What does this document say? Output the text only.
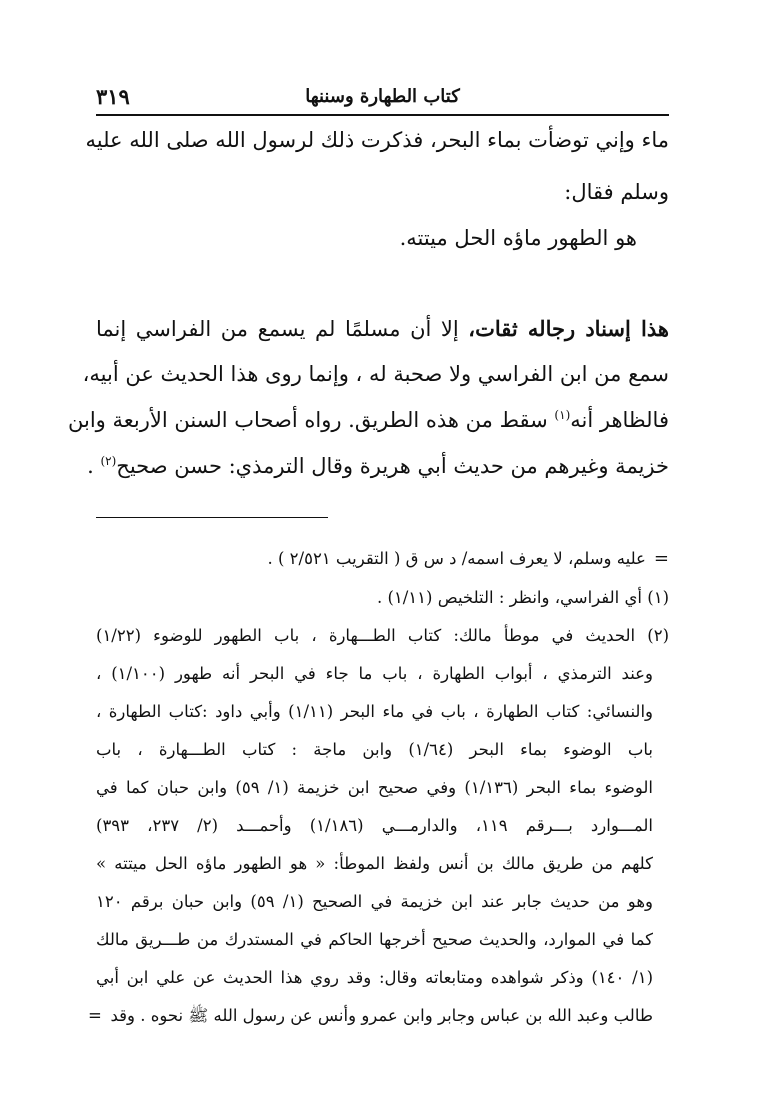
٣١٩	كتاب الطهارة وسننها
ماء وإني توضأت بماء البحر، فذكرت ذلك لرسول الله صلى الله عليه
وسلم فقال:
هو الطهور ماؤه الحل ميتته.
هذا إسناد رجاله ثقات، إلا أن مسلمًا لم يسمع من الفراسي إنما
سمع من ابن الفراسي ولا صحبة له ، وإنما روى هذا الحديث عن أبيه،
فالظاهر أنه$^{(١)}$ سقط من هذه الطريق. رواه أصحاب السنن الأربعة وابن
خزيمة وغيرهم من حديث أبي هريرة وقال الترمذي: حسن صحيح$^{(٢)}$ .
=عليه وسلم، لا يعرف اسمه/ د س ق ( التقريب ٢/٥٢١ ) .
(١) أي الفراسي، وانظر : التلخيص (١/١١) .
(٢) الحديث في موطأ مالك: كتاب الطـــهارة ، باب الطهور للوضوء (١/٢٢)
وعند الترمذي ، أبواب الطهارة ، باب ما جاء في البحر أنه طهور (١/١٠٠) ،
والنسائي: كتاب الطهارة ، باب في ماء البحر (١/١١) وأبي داود :كتاب الطهارة ،
باب الوضوء بماء البحر (١/٦٤) وابن ماجة : كتاب الطـــهارة ، باب
الوضوء بماء البحر (١/١٣٦) وفي صحيح ابن خزيمة (١/ ٥٩) وابن حبان كما في
المـــوارد بـــرقم ١١٩، والدارمـــي (١/١٨٦) وأحمـــد (٢/ ٢٣٧، ٣٩٣)
كلهم من طريق مالك بن أنس ولفظ الموطأ: « هو الطهور ماؤه الحل ميتته »
وهو من حديث جابر عند ابن خزيمة في الصحيح (١/ ٥٩) وابن حبان برقم ١٢٠
كما في الموارد، والحديث صحيح أخرجها الحاكم في المستدرك من طـــريق مالك
(١/ ١٤٠) وذكر شواهده ومتابعاته وقال: وقد روي هذا الحديث عن علي ابن أبي
طالب وعبد الله بن عباس وجابر وابن عمرو وأنس عن رسول الله ﷺ نحوه . وقد
=
